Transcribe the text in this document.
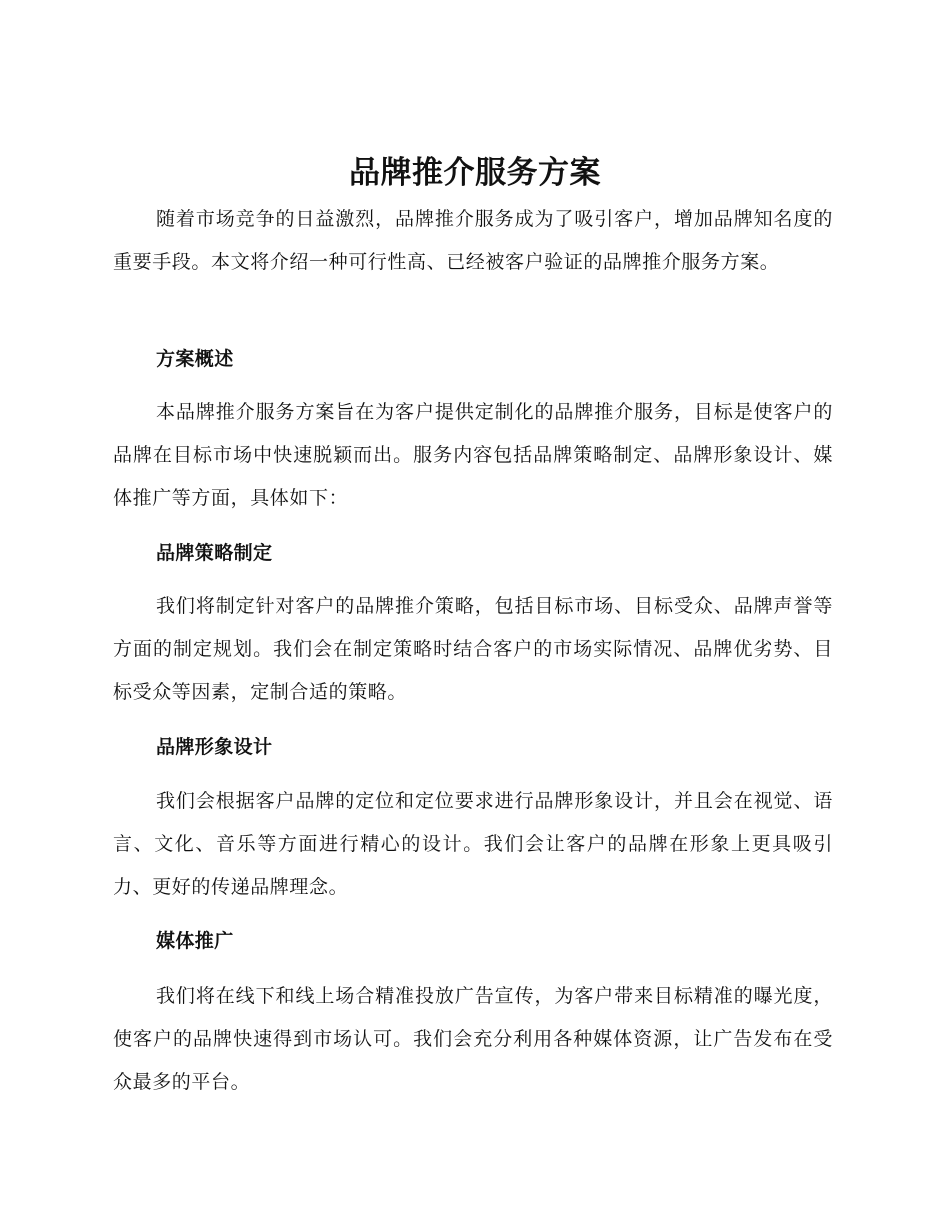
品牌推介服务方案

随着市场竞争的日益激烈，品牌推介服务成为了吸引客户，增加品牌知名度的重要手段。本文将介绍一种可行性高、已经被客户验证的品牌推介服务方案。

方案概述

本品牌推介服务方案旨在为客户提供定制化的品牌推介服务，目标是使客户的品牌在目标市场中快速脱颖而出。服务内容包括品牌策略制定、品牌形象设计、媒体推广等方面，具体如下：

品牌策略制定

我们将制定针对客户的品牌推介策略，包括目标市场、目标受众、品牌声誉等方面的制定规划。我们会在制定策略时结合客户的市场实际情况、品牌优劣势、目标受众等因素，定制合适的策略。

品牌形象设计

我们会根据客户品牌的定位和定位要求进行品牌形象设计，并且会在视觉、语言、文化、音乐等方面进行精心的设计。我们会让客户的品牌在形象上更具吸引力、更好的传递品牌理念。

媒体推广

我们将在线下和线上场合精准投放广告宣传，为客户带来目标精准的曝光度，使客户的品牌快速得到市场认可。我们会充分利用各种媒体资源，让广告发布在受众最多的平台。
